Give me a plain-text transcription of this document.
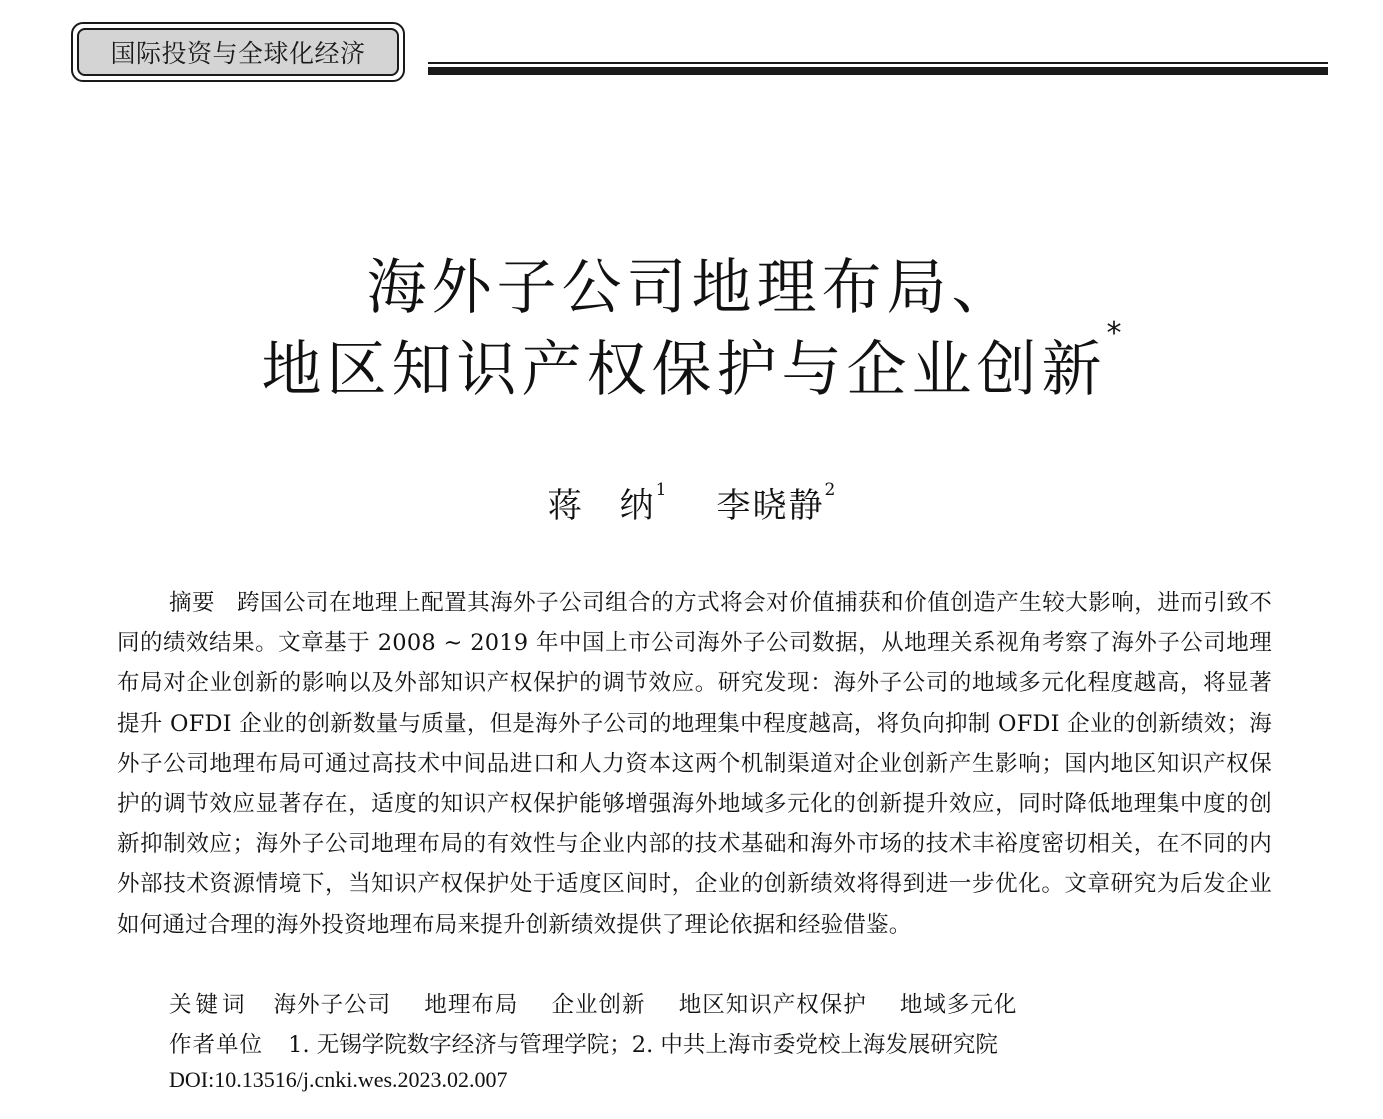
国际投资与全球化经济
海外子公司地理布局、
地区知识产权保护与企业创新*
蒋　纳$^1$ 李晓静$^2$
摘要 跨国公司在地理上配置其海外子公司组合的方式将会对价值捕获和价值创造产生较大影响，进而引致不同的绩效结果。文章基于 2008 ~ 2019 年中国上市公司海外子公司数据，从地理关系视角考察了海外子公司地理布局对企业创新的影响以及外部知识产权保护的调节效应。研究发现：海外子公司的地域多元化程度越高，将显著提升 OFDI 企业的创新数量与质量，但是海外子公司的地理集中程度越高，将负向抑制 OFDI 企业的创新绩效；海外子公司地理布局可通过高技术中间品进口和人力资本这两个机制渠道对企业创新产生影响；国内地区知识产权保护的调节效应显著存在，适度的知识产权保护能够增强海外地域多元化的创新提升效应，同时降低地理集中度的创新抑制效应；海外子公司地理布局的有效性与企业内部的技术基础和海外市场的技术丰裕度密切相关，在不同的内外部技术资源情境下，当知识产权保护处于适度区间时，企业的创新绩效将得到进一步优化。文章研究为后发企业如何通过合理的海外投资地理布局来提升创新绩效提供了理论依据和经验借鉴。
关键词 海外子公司 地理布局 企业创新 地区知识产权保护 地域多元化
作者单位 1. 无锡学院数字经济与管理学院；2. 中共上海市委党校上海发展研究院
DOI:10.13516/j.cnki.wes.2023.02.007
